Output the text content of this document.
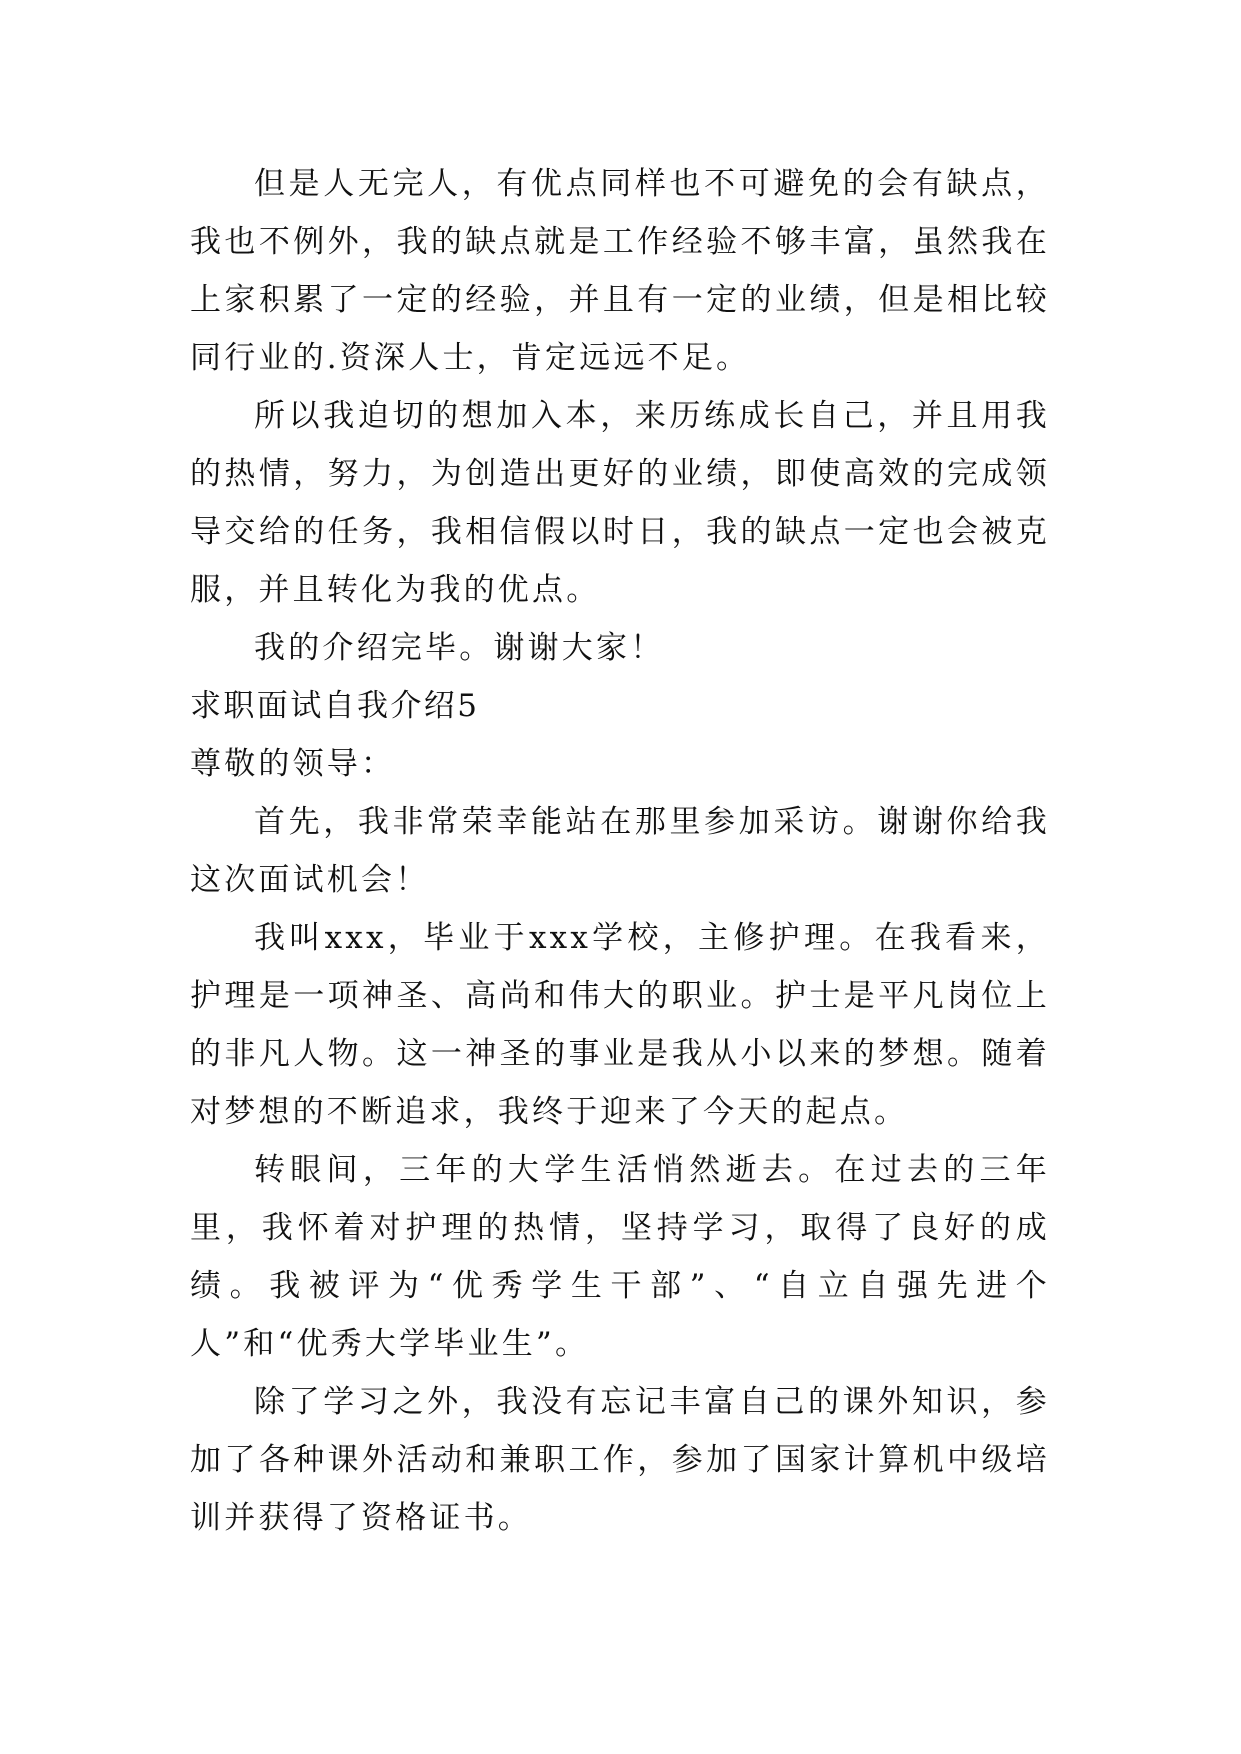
但是人无完人，有优点同样也不可避免的会有缺点，我也不例外，我的缺点就是工作经验不够丰富，虽然我在上家积累了一定的经验，并且有一定的业绩，但是相比较同行业的.资深人士，肯定远远不足。

所以我迫切的想加入本，来历练成长自己，并且用我的热情，努力，为创造出更好的业绩，即使高效的完成领导交给的任务，我相信假以时日，我的缺点一定也会被克服，并且转化为我的优点。

我的介绍完毕。谢谢大家！

求职面试自我介绍5

尊敬的领导：

首先，我非常荣幸能站在那里参加采访。谢谢你给我这次面试机会！

我叫xxx，毕业于xxx学校，主修护理。在我看来，护理是一项神圣、高尚和伟大的职业。护士是平凡岗位上的非凡人物。这一神圣的事业是我从小以来的梦想。随着对梦想的不断追求，我终于迎来了今天的起点。

转眼间，三年的大学生活悄然逝去。在过去的三年里，我怀着对护理的热情，坚持学习，取得了良好的成绩。我被评为“优秀学生干部”、“自立自强先进个人”和“优秀大学毕业生”。

除了学习之外，我没有忘记丰富自己的课外知识，参加了各种课外活动和兼职工作，参加了国家计算机中级培训并获得了资格证书。
